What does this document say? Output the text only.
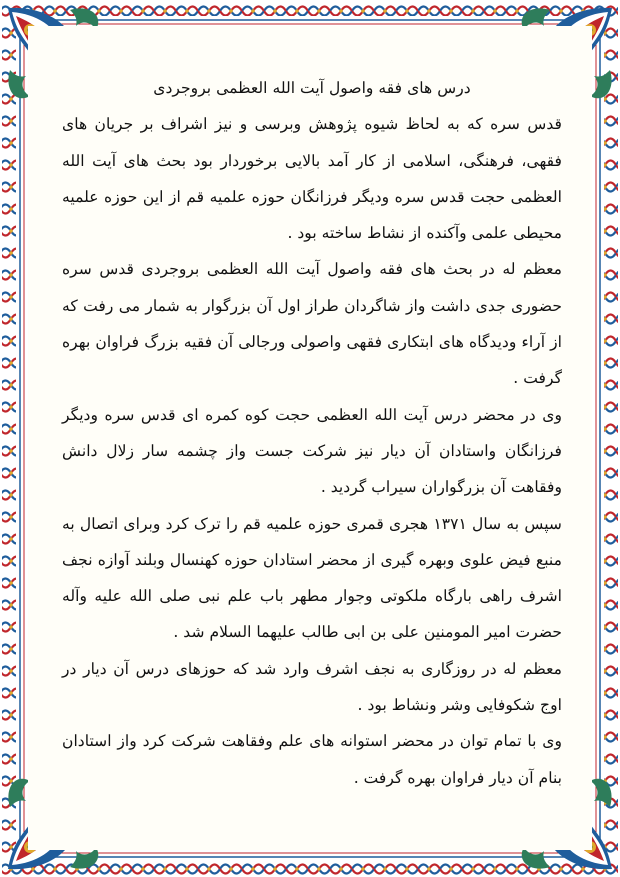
درس های فقه واصول آیت الله العظمی بروجردی

قدس سره که به لحاظ شیوه پژوهش وبرسی و نیز اشراف بر جریان های فقهی، فرهنگی، اسلامی از کار آمد بالایی برخوردار بود بحث های آیت الله العظمی حجت قدس سره ودیگر فرزانگان حوزه علمیه قم از این حوزه علمیه محیطی علمی وآکنده از نشاط ساخته بود .

معظم له در بحث های فقه واصول آیت الله العظمی بروجردی قدس سره حضوری جدی داشت واز شاگردان طراز اول آن بزرگوار به شمار می رفت که از آراء ودیدگاه های ابتکاری فقهی واصولی ورجالی آن فقیه بزرگ فراوان بهره گرفت .

وی در محضر درس آیت الله العظمی حجت کوه کمره ای قدس سره ودیگر فرزانگان واستادان آن دیار نیز شرکت جست واز چشمه سار زلال دانش وفقاهت آن بزرگواران سیراب گردید .

سپس به سال ۱۳۷۱ هجری قمری حوزه علمیه قم را ترک کرد وبرای اتصال به منبع فیض علوی وبهره گیری از محضر استادان حوزه کهنسال وبلند آوازه نجف اشرف راهی بارگاه ملکوتی وجوار مطهر باب علم نبی صلی الله علیه وآله حضرت امیر المومنین علی بن ابی طالب علیهما السلام شد .

معظم له در روزگاری به نجف اشرف وارد شد که حوزهای درس آن دیار در اوج شکوفایی وشر ونشاط بود .

وی با تمام توان در محضر استوانه های علم وفقاهت شرکت کرد واز استادان بنام آن دیار فراوان بهره گرفت .
